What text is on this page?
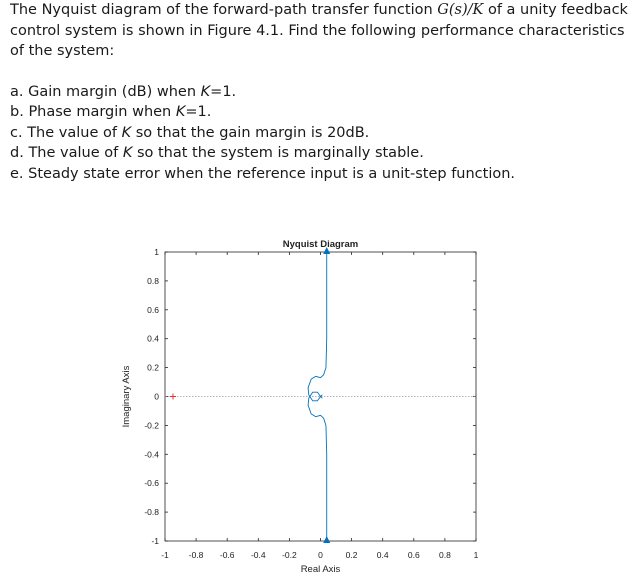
The Nyquist diagram of the forward-path transfer function G(s)/K of a unity feedback control system is shown in Figure 4.1. Find the following performance characteristics of the system:

a. Gain margin (dB) when K=1.
b. Phase margin when K=1.
c. The value of K so that the gain margin is 20dB.
d. The value of K so that the system is marginally stable.
e. Steady state error when the reference input is a unit-step function.
Nyquist Diagram
Real Axis
Imaginary Axis
-1 -0.8 -0.6 -0.4 -0.2	0	0.2 0.4 0.6 0.8	1
1
0.8
0.6
0.4
0.2
0
-0.2
-0.4
-0.6
-0.8
-1
